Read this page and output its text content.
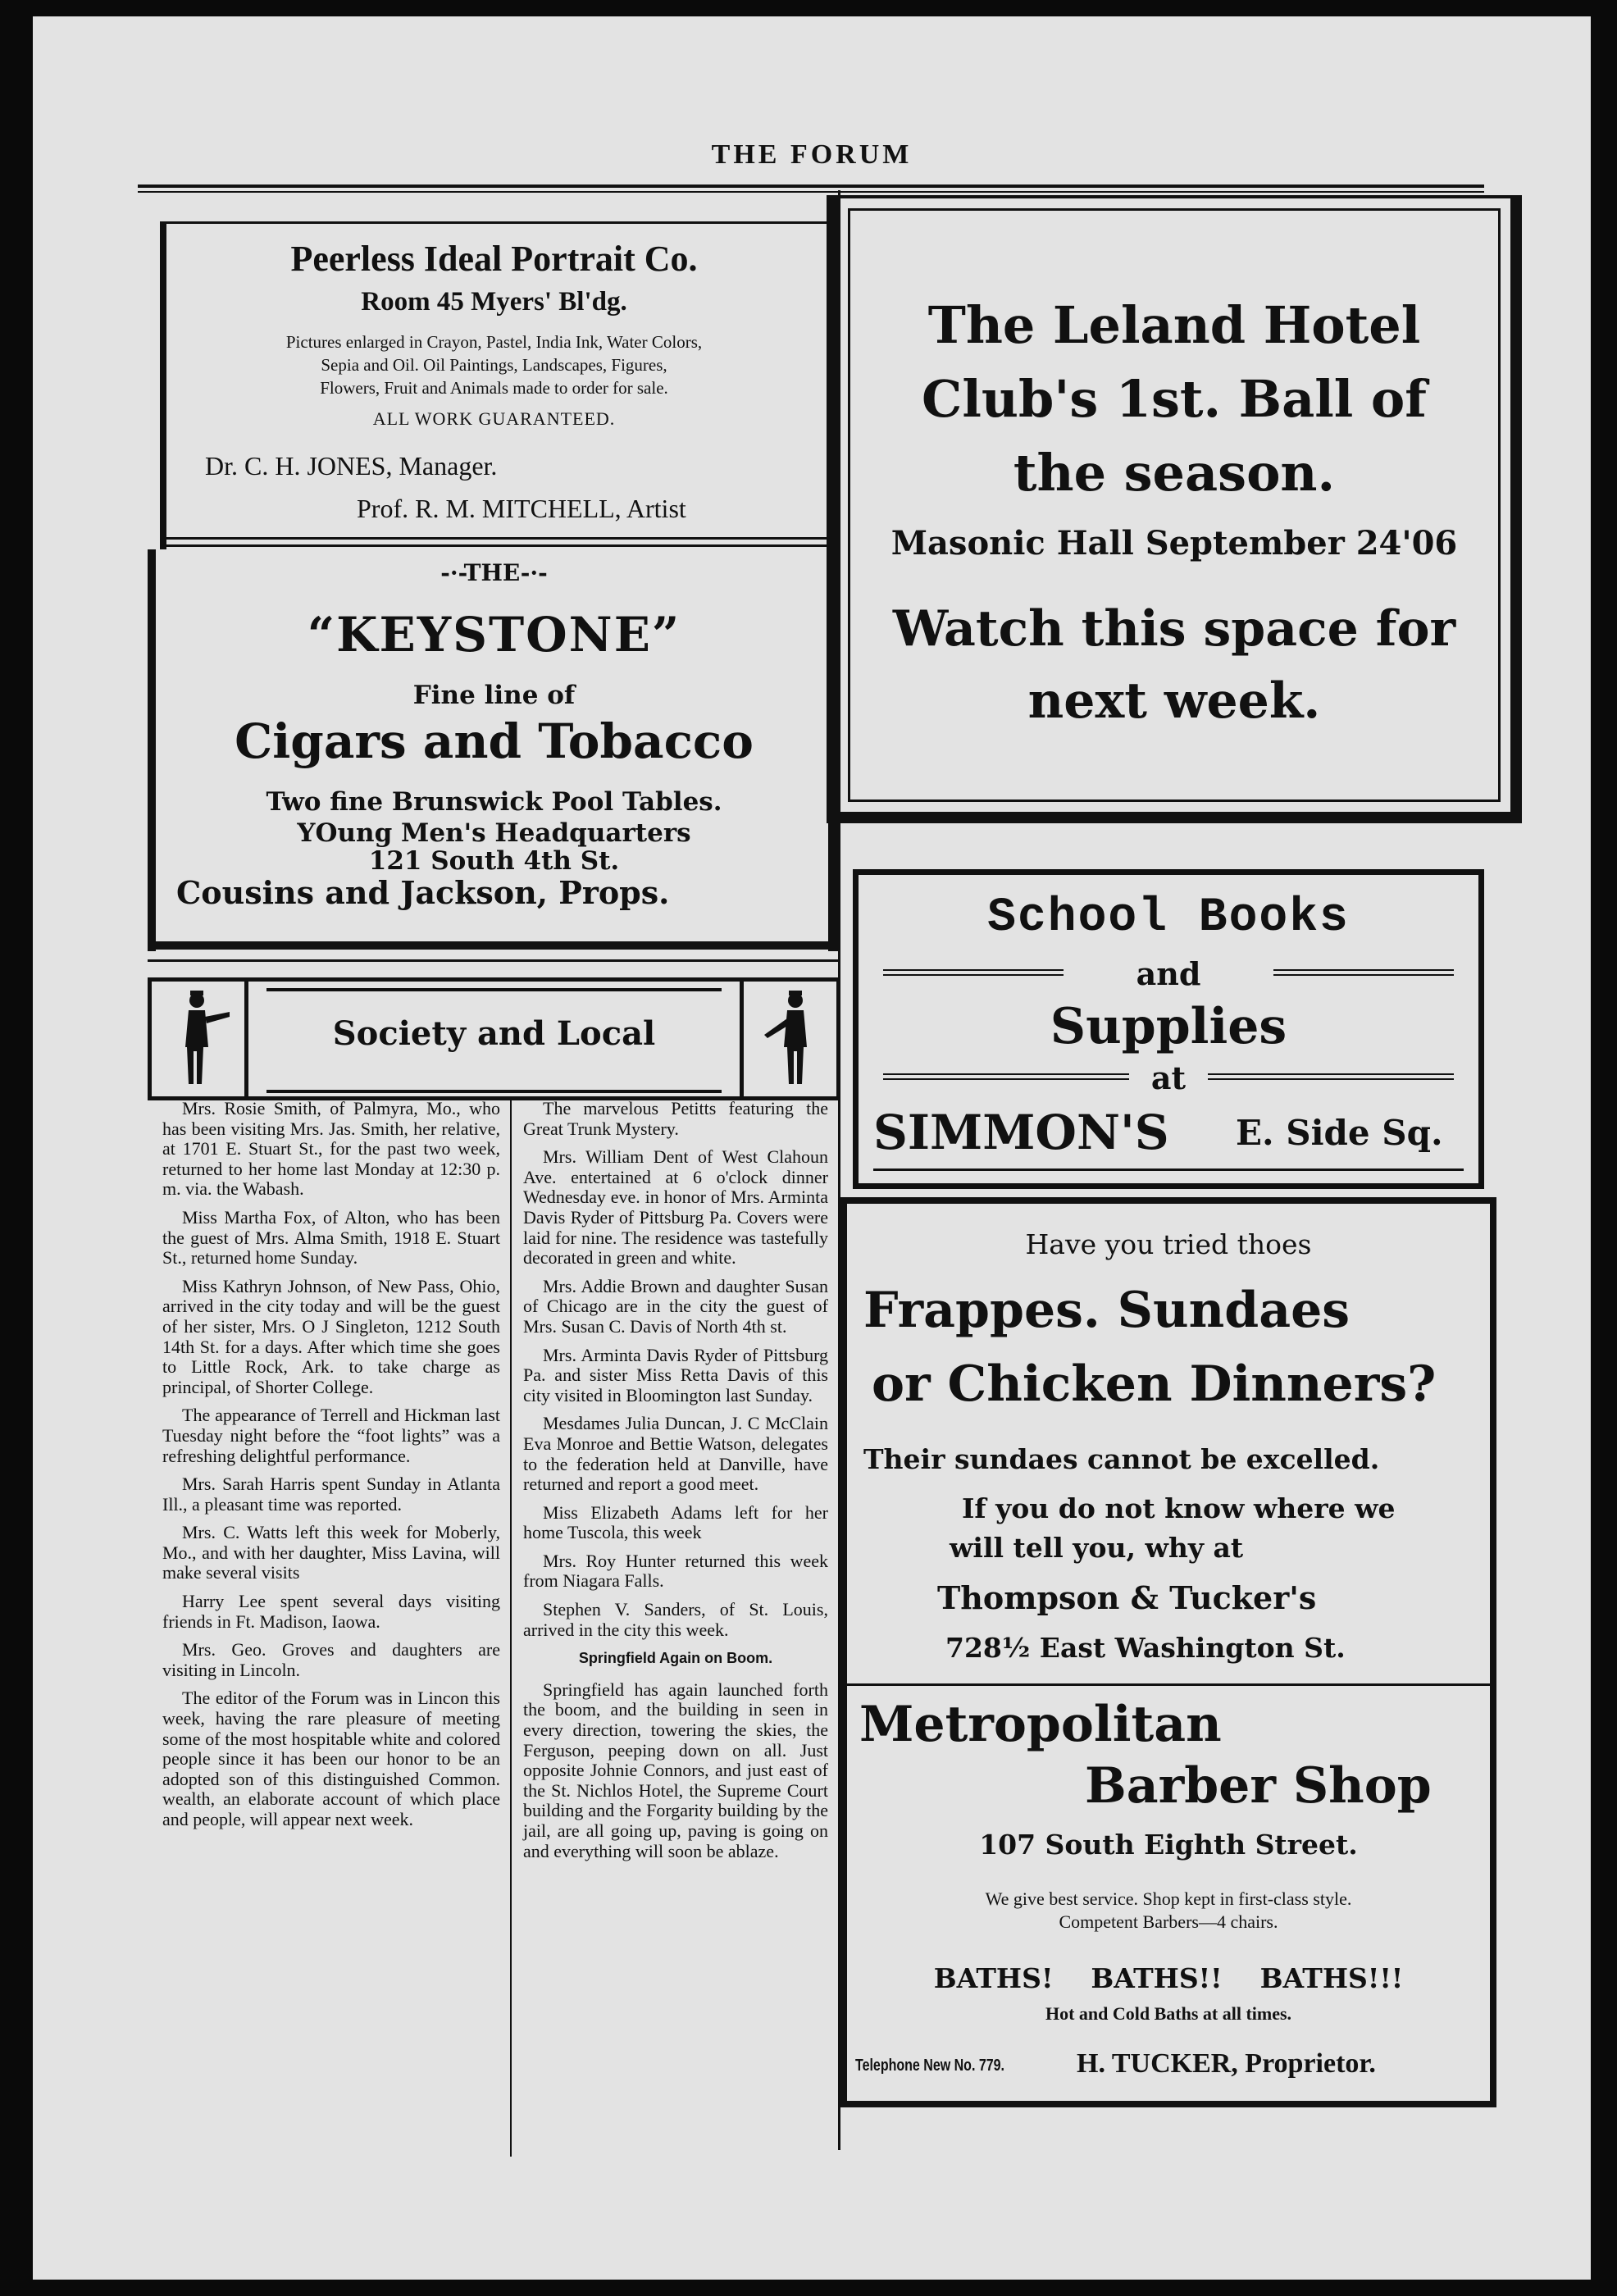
THE FORUM
Peerless Ideal Portrait Co.
Room 45 Myers' Bl'dg.
Pictures enlarged in Crayon, Pastel, India Ink, Water Colors,
Sepia and Oil. Oil Paintings, Landscapes, Figures,
Flowers, Fruit and Animals made to order for sale.
ALL WORK GUARANTEED.
Dr. C. H. JONES, Manager.
Prof. R. M. MITCHELL, Artist
-·-THE-·-
“KEYSTONE”
Fine line of
Cigars and Tobacco
Two fine Brunswick Pool Tables.
YOung Men's Headquarters
121 South 4th St.
Cousins and Jackson, Props.
Society and Local

Mrs. Rosie Smith, of Palmyra, Mo., who has been visiting Mrs. Jas. Smith, her relative, at 1701 E. Stuart St., for the past two week, returned to her home last Monday at 12:30 p. m. via. the Wabash.

Miss Martha Fox, of Alton, who has been the guest of Mrs. Alma Smith, 1918 E. Stuart St., returned home Sunday.

Miss Kathryn Johnson, of New Pass, Ohio, arrived in the city today and will be the guest of her sister, Mrs. O J Singleton, 1212 South 14th St. for a days. After which time she goes to Little Rock, Ark. to take charge as principal, of Shorter College.

The appearance of Terrell and Hickman last Tuesday night before the “foot lights” was a refreshing delightful performance.

Mrs. Sarah Harris spent Sunday in Atlanta Ill., a pleasant time was reported.

Mrs. C. Watts left this week for Moberly, Mo., and with her daughter, Miss Lavina, will make several visits

Harry Lee spent several days visiting friends in Ft. Madison, Iaowa.

Mrs. Geo. Groves and daughters are visiting in Lincoln.

The editor of the Forum was in Lincon this week, having the rare pleasure of meeting some of the most hospitable white and colored people since it has been our honor to be an adopted son of this distinguished Common. wealth, an elaborate account of which place and people, will appear next week.

The marvelous Petitts featuring the Great Trunk Mystery.

Mrs. William Dent of West Clahoun Ave. entertained at 6 o'clock dinner Wednesday eve. in honor of Mrs. Arminta Davis Ryder of Pittsburg Pa. Covers were laid for nine. The residence was tastefully decorated in green and white.

Mrs. Addie Brown and daughter Susan of Chicago are in the city the guest of Mrs. Susan C. Davis of North 4th st.

Mrs. Arminta Davis Ryder of Pittsburg Pa. and sister Miss Retta Davis of this city visited in Bloomington last Sunday.

Mesdames Julia Duncan, J. C McClain Eva Monroe and Bettie Watson, delegates to the federation held at Danville, have returned and report a good meet.

Miss Elizabeth Adams left for her home Tuscola, this week

Mrs. Roy Hunter returned this week from Niagara Falls.

Stephen V. Sanders, of St. Louis, arrived in the city this week.

Springfield Again on Boom.

Springfield has again launched forth the boom, and the building in seen in every direction, towering the skies, the Ferguson, peeping down on all. Just opposite Johnie Connors, and just east of the St. Nichlos Hotel, the Supreme Court building and the Forgarity building by the jail, are all going up, paving is going on and everything will soon be ablaze.

The Leland Hotel
Club's 1st. Ball of
the season.
Masonic Hall September 24'06
Watch this space for
next week.
School Books
and
Supplies
at
SIMMON'S E. Side Sq.
Have you tried thoes
Frappes. Sundaes
or Chicken Dinners?
Their sundaes cannot be excelled.
If you do not know where we
will tell you, why at
Thompson & Tucker's
728½ East Washington St.
Metropolitan
Barber Shop
107 South Eighth Street.
We give best service. Shop kept in first-class style.
Competent Barbers—4 chairs.
BATHS!    BATHS!!    BATHS!!!
Hot and Cold Baths at all times.
Telephone New No. 779.	H. TUCKER, Proprietor.
